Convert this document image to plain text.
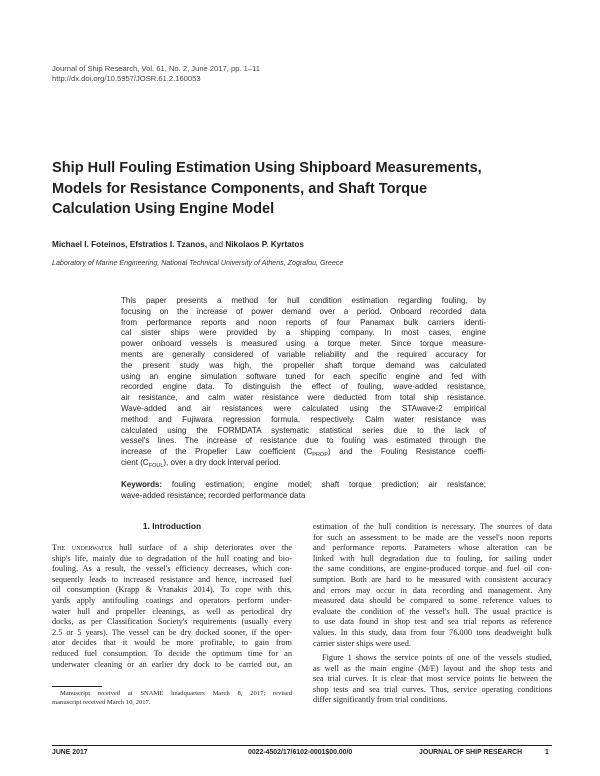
Journal of Ship Research, Vol. 61, No. 2, June 2017, pp. 1–11
http://dx.doi.org/10.5957/JOSR.61.2.160053
Ship Hull Fouling Estimation Using Shipboard Measurements,
Models for Resistance Components, and Shaft Torque
Calculation Using Engine Model
Michael I. Foteinos, Efstratios I. Tzanos, and Nikolaos P. Kyrtatos
Laboratory of Marine Engineering, National Technical University of Athens, Zografou, Greece
This paper presents a method for hull condition estimation regarding fouling, by
focusing on the increase of power demand over a period. Onboard recorded data
from performance reports and noon reports of four Panamax bulk carriers identi-
cal sister ships were provided by a shipping company. In most cases, engine
power onboard vessels is measured using a torque meter. Since torque measure-
ments are generally considered of variable reliability and the required accuracy for
the present study was high, the propeller shaft torque demand was calculated
using an engine simulation software tuned for each specific engine and fed with
recorded engine data. To distinguish the effect of fouling, wave-added resistance,
air resistance, and calm water resistance were deducted from total ship resistance.
Wave-added and air resistances were calculated using the STAwave-2 empirical
method and Fujiwara regression formula, respectively. Calm water resistance was
calculated using the FORMDATA systematic statistical series due to the lack of
vessel's lines. The increase of resistance due to fouling was estimated through the
increase of the Propeller Law coefficient $(C_{PROP})$ and the Fouling Resistance coeffi-
cient $(C_{FOUL})$, over a dry dock interval period.
Keywords: fouling estimation; engine model; shaft torque prediction; air resistance;
wave-added resistance; recorded performance data
1. Introduction
The underwater hull surface of a ship deteriorates over the
ship's life, mainly due to degradation of the hull coating and bio-
fouling. As a result, the vessel's efficiency decreases, which con-
sequently leads to increased resistance and hence, increased fuel
oil consumption (Krapp & Vranakis 2014). To cope with this,
yards apply antifouling coatings and operators perform under-
water hull and propeller cleanings, as well as periodical dry
docks, as per Classification Society's requirements (usually every
2.5 or 5 years). The vessel can be dry docked sooner, if the oper-
ator decides that it would be more profitable, to gain from
reduced fuel consumption. To decide the optimum time for an
underwater cleaning or an earlier dry dock to be carried out, an
Manuscript received at SNAME headquarters March 8, 2017; revised
manuscript received March 10, 2017.
estimation of the hull condition is necessary. The sources of data
for such an assessment to be made are the vessel's noon reports
and performance reports. Parameters whose alteration can be
linked with hull degradation due to fouling, for sailing under
the same conditions, are engine-produced torque and fuel oil con-
sumption. Both are hard to be measured with consistent accuracy
and errors may occur in data recording and management. Any
measured data should be compared to some reference values to
evaluate the condition of the vessel's hull. The usual practice is
to use data found in shop test and sea trial reports as reference
values. In this study, data from four 76.000 tons deadweight bulk
carrier sister ships were used.
Figure 1 shows the service points of one of the vessels studied,
as well as the main engine (M/E) layout and the shop tests and
sea trial curves. It is clear that most service points lie between the
shop tests and sea trial curves. Thus, service operating conditions
differ significantly from trial conditions.
JUNE 2017	0022-4502/17/6102-0001$00.00/0	JOURNAL OF SHIP RESEARCH	1
